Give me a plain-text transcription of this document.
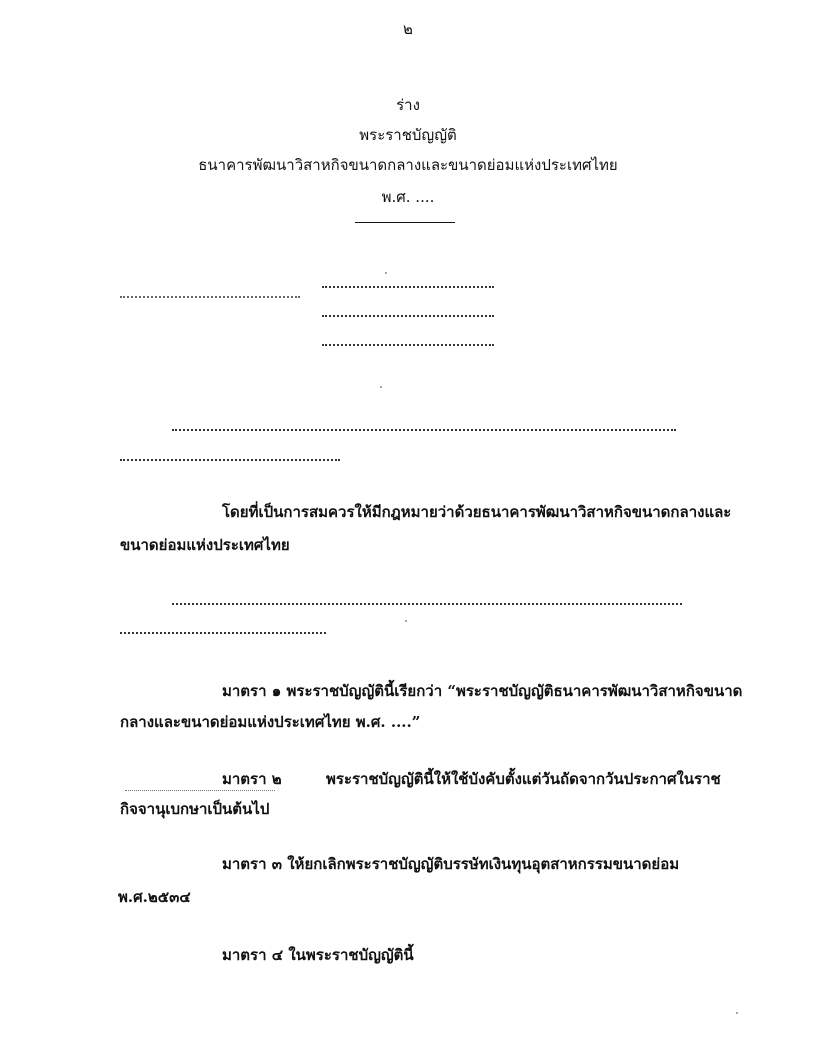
๒
ร่าง
พระราชบัญญัติ
ธนาคารพัฒนาวิสาหกิจขนาดกลางและขนาดย่อมแห่งประเทศไทย
พ.ศ. ....
โดยที่เป็นการสมควรให้มีกฎหมายว่าด้วยธนาคารพัฒนาวิสาหกิจขนาดกลางและ
ขนาดย่อมแห่งประเทศไทย
มาตรา ๑ พระราชบัญญัตินี้เรียกว่า “พระราชบัญญัติธนาคารพัฒนาวิสาหกิจขนาด
กลางและขนาดย่อมแห่งประเทศไทย พ.ศ. ....”
มาตรา ๒	พระราชบัญญัตินี้ให้ใช้บังคับตั้งแต่วันถัดจากวันประกาศในราช
กิจจานุเบกษาเป็นต้นไป
มาตรา ๓ ให้ยกเลิกพระราชบัญญัติบรรษัทเงินทุนอุตสาหกรรมขนาดย่อม
พ.ศ.๒๕๓๔
มาตรา ๔ ในพระราชบัญญัตินี้
